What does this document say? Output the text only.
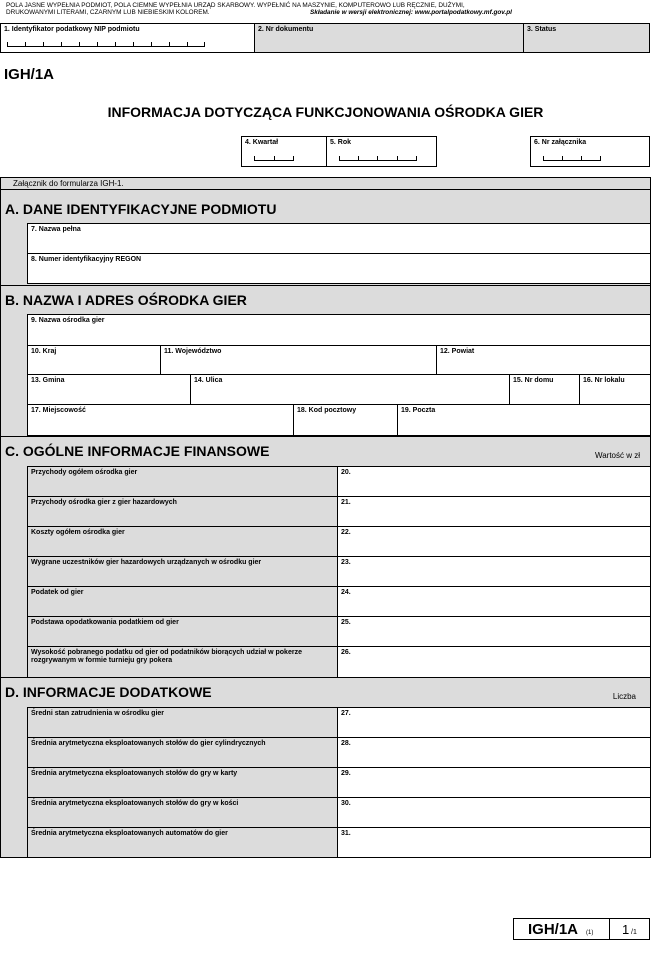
POLA JASNE WYPEŁNIA PODMIOT, POLA CIEMNE WYPEŁNIA URZĄD SKARBOWY. WYPEŁNIĆ NA MASZYNIE, KOMPUTEROWO LUB RĘCZNIE, DUŻYMI,
DRUKOWANYMI LITERAMI, CZARNYM LUB NIEBIESKIM KOLOREM.	Składanie w wersji elektronicznej: www.portalpodatkowy.mf.gov.pl
1. Identyfikator podatkowy NIP podmiotu	2. Nr dokumentu	3. Status
IGH/1A
INFORMACJA DOTYCZĄCA FUNKCJONOWANIA OŚRODKA GIER
4. Kwartał	5. Rok	6. Nr załącznika
Załącznik do formularza IGH-1.
A. DANE IDENTYFIKACYJNE PODMIOTU
7. Nazwa pełna
8. Numer identyfikacyjny REGON
B. NAZWA I ADRES OŚRODKA GIER
9. Nazwa ośrodka gier
10. Kraj	11. Województwo	12. Powiat
13. Gmina	14. Ulica	15. Nr domu	16. Nr lokalu
17. Miejscowość	18. Kod pocztowy	19. Poczta
C. OGÓLNE INFORMACJE FINANSOWE	Wartość w zł
Przychody ogółem ośrodka gier	20.
Przychody ośrodka gier z gier hazardowych	21.
Koszty ogółem ośrodka gier	22.
Wygrane uczestników gier hazardowych urządzanych w ośrodku gier	23.
Podatek od gier	24.
Podstawa opodatkowania podatkiem od gier	25.
Wysokość pobranego podatku od gier od podatników biorących udział w pokerze rozgrywanym w formie turnieju gry pokera
26.
D. INFORMACJE DODATKOWE	Liczba
Średni stan zatrudnienia w ośrodku gier	27.
Średnia arytmetyczna eksploatowanych stołów do gier cylindrycznych	28.
Średnia arytmetyczna eksploatowanych stołów do gry w karty	29.
Średnia arytmetyczna eksploatowanych stołów do gry w kości	30.
Średnia arytmetyczna eksploatowanych automatów do gier	31.
IGH/1A (1) 1 /1
